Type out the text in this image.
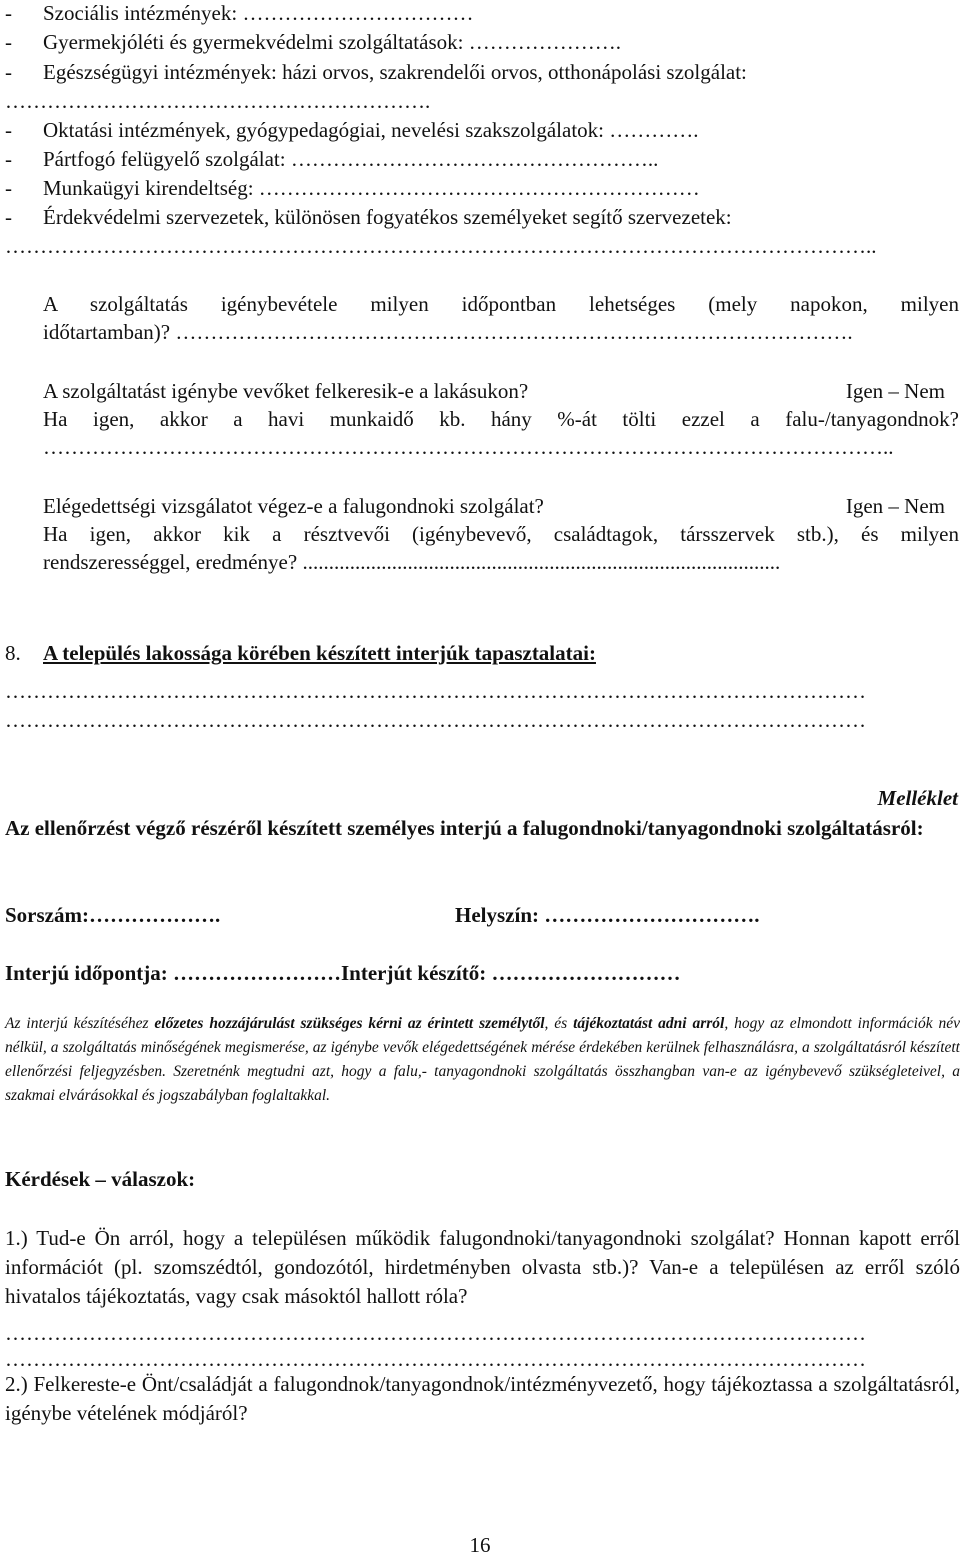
- Szociális intézmények: ……………………………
- Gyermekjóléti és gyermekvédelmi szolgáltatások: ………………….
- Egészségügyi intézmények: házi orvos, szakrendelői orvos, otthonápolási szolgálat:
…………………………………………………….
- Oktatási intézmények, gyógypedagógiai, nevelési szakszolgálatok: ………….
- Pártfogó felügyelő szolgálat: ……………………………………………..
- Munkaügyi kirendeltség: ………………………………………………………
- Érdekvédelmi szervezetek, különösen fogyatékos személyeket segítő szervezetek:
……………………………………………………………………………………………………………..
A szolgáltatás igénybevétele milyen időpontban lehetséges (mely napokon, milyen
időtartamban)? …………………………………………………………………………………….
A szolgáltatást igénybe vevőket felkeresik-e a lakásukon?	Igen – Nem
Ha igen, akkor a havi munkaidő kb. hány %-át tölti ezzel a falu-/tanyagondnok?
…………………………………………………………………………………………………………..
Elégedettségi vizsgálatot végez-e a falugondnoki szolgálat?	Igen – Nem
Ha igen, akkor kik a résztvevői (igénybevevő, családtagok, társszervek stb.), és milyen
rendszerességgel, eredménye? ...........................................................................................
8. A település lakossága körében készített interjúk tapasztalatai:
……………………………………………………………………………………………………………
……………………………………………………………………………………………………………
Melléklet
Az ellenőrzést végző részéről készített személyes interjú a falugondnoki/tanyagondnoki szolgáltatásról:
Sorszám:……………….	Helyszín: ………………………….
Interjú időpontja: ……………………Interjút készítő: ………………………
Az interjú készítéséhez előzetes hozzájárulást szükséges kérni az érintett személytől, és tájékoztatást adni arról, hogy az elmondott információk név nélkül, a szolgáltatás minőségének megismerése, az igénybe vevők elégedettségének mérése érdekében kerülnek felhasználásra, a szolgáltatásról készített ellenőrzési feljegyzésben. Szeretnénk megtudni azt, hogy a falu,- tanyagondnoki szolgáltatás összhangban van-e az igénybevevő szükségleteivel, a szakmai elvárásokkal és jogszabályban foglaltakkal.
Kérdések – válaszok:
1.) Tud-e Ön arról, hogy a településen működik falugondnoki/tanyagondnoki szolgálat? Honnan kapott erről információt (pl. szomszédtól, gondozótól, hirdetményben olvasta stb.)? Van-e a településen az erről szóló hivatalos tájékoztatás, vagy csak másoktól hallott róla?
……………………………………………………………………………………………………………
……………………………………………………………………………………………………………
2.) Felkereste-e Önt/családját a falugondnok/tanyagondnok/intézményvezető, hogy tájékoztassa a szolgáltatásról, igénybe vételének módjáról?
16
